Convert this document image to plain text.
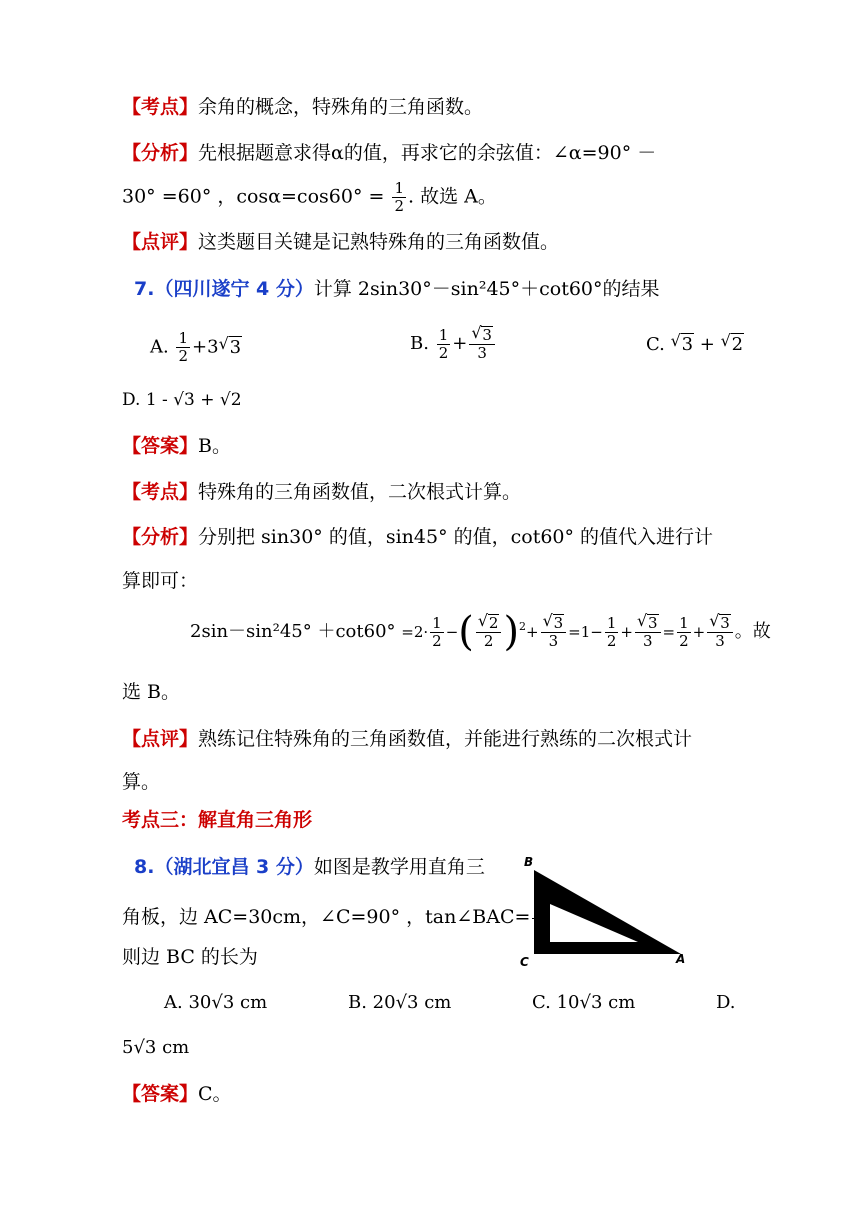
【考点】余角的概念，特殊角的三角函数。
【分析】先根据题意求得α的值，再求它的余弦值：∠α=90° －
30° =60° ，$\cos\alpha=\cos 60^\circ = \frac{1}{2}$ . 故选 A。
【点评】这类题目关键是记熟特殊角的三角函数值。
7.（四川遂宁 4 分）计算 2sin30°－sin²45°＋cot60°的结果
A. $\frac{1}{2} +3√$ 3	B. $\frac{1}{2}$ +
√ $\frac{3}{3}$	C. √ 3 + √ 2
D. 1 - √3 + √2
【答案】B。
【考点】特殊角的三角函数值，二次根式计算。
【分析】分别把 sin30° 的值，sin45° 的值，cot60° 的值代入进行计
算即可：
$2\sin-\sin^245^\circ +\cot 60^\circ =2\cdot \frac{1}{2}$ −(
√ $\frac{2}{2} )^2+$
√ $\frac{3}{3} =1- \frac{1}{2}$ +
√ $\frac{3}{3} = \frac{1}{2}$ +
√ $\frac{3}{3}$ 。故
选 B。
【点评】熟练记住特殊角的三角函数值，并能进行熟练的二次根式计
算。
考点三：解直角三角形
8.（湖北宜昌 3 分）如图是教学用直角三
角板，边 AC=30cm，∠C=90° ，tan∠BAC=
√
则边 BC 的长为
B
C	A
A. 30√3 cm	B. 20√3 cm	C. 10√3 cm	D.
5√3 cm
【答案】C。
